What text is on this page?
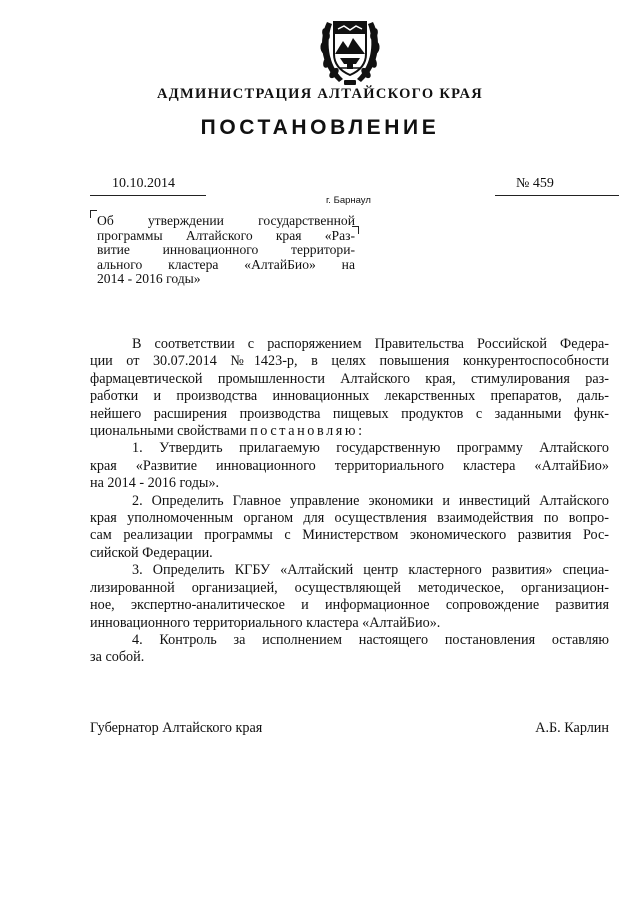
АДМИНИСТРАЦИЯ АЛТАЙСКОГО КРАЯ
ПОСТАНОВЛЕНИЕ
10.10.2014	№ 459
г. Барнаул
Об утверждении государственной
программы Алтайского края «Раз-
витие инновационного территори-
ального кластера «АлтайБио» на
2014 - 2016 годы»

В соответствии с распоряжением Правительства Российской Федера-
ции от 30.07.2014 №1423-р, в целях повышения конкурентоспособности
фармацевтической промышленности Алтайского края, стимулирования раз-
работки и производства инновационных лекарственных препаратов, даль-
нейшего расширения производства пищевых продуктов с заданными функ-
циональными свойствами постановляю:

1. Утвердить прилагаемую государственную программу Алтайского
края «Развитие инновационного территориального кластера «АлтайБио»
на 2014 - 2016 годы».

2. Определить Главное управление экономики и инвестиций Алтайского
края уполномоченным органом для осуществления взаимодействия по вопро-
сам реализации программы с Министерством экономического развития Рос-
сийской Федерации.

3. Определить КГБУ «Алтайский центр кластерного развития» специа-
лизированной организацией, осуществляющей методическое, организацион-
ное, экспертно-аналитическое и информационное сопровождение развития
инновационного территориального кластера «АлтайБио».

4. Контроль за исполнением настоящего постановления оставляю
за собой.

Губернатор Алтайского края	А.Б. Карлин
